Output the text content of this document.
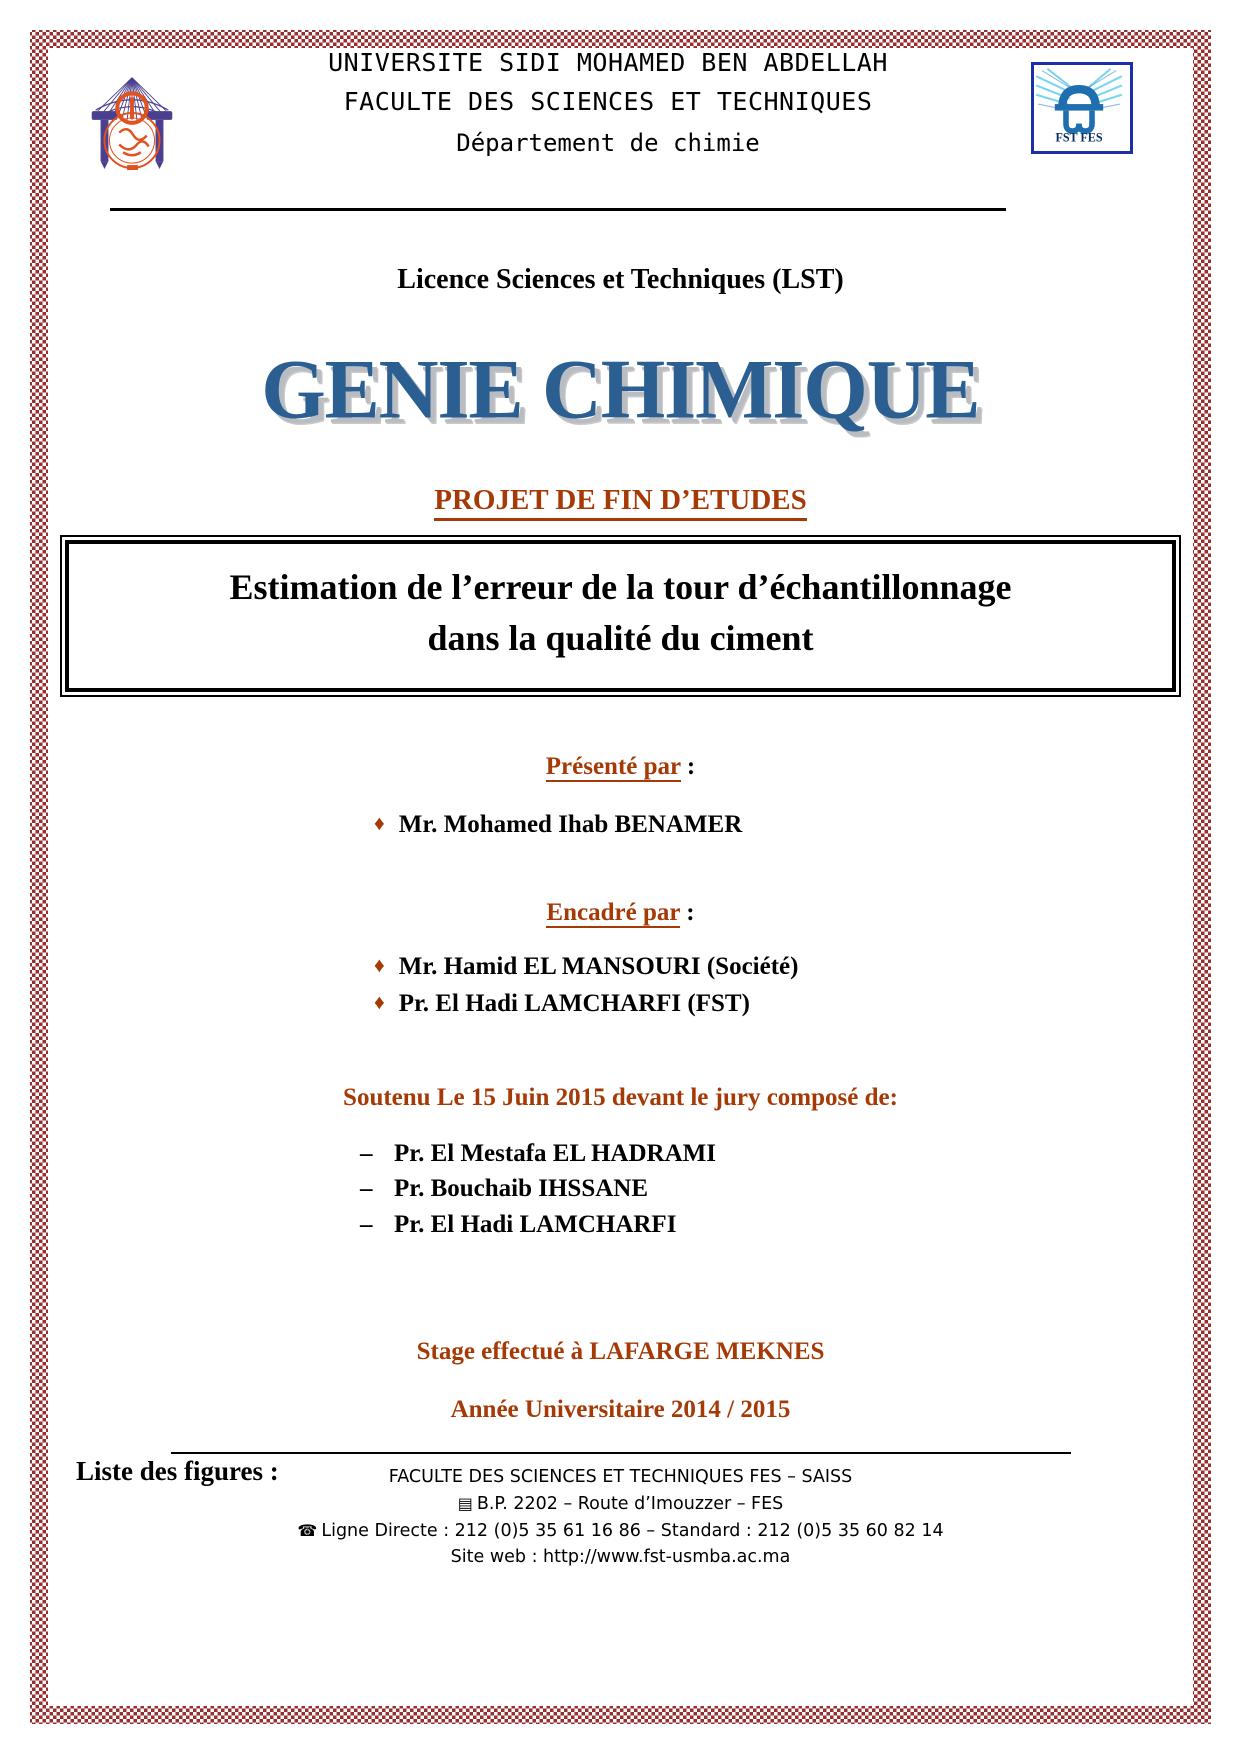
UNIVERSITE SIDI MOHAMED BEN ABDELLAH
FACULTE DES SCIENCES ET TECHNIQUES
Département de chimie	FST FES
Licence Sciences et Techniques (LST)
GENIE CHIMIQUE
PROJET DE FIN D’ETUDES
Estimation de l’erreur de la tour d’échantillonnage
dans la qualité du ciment
Présenté par :
♦ Mr. Mohamed Ihab BENAMER
Encadré par :
♦ Mr. Hamid EL MANSOURI (Société)
♦ Pr. El Hadi LAMCHARFI (FST)
Soutenu Le 15 Juin 2015 devant le jury composé de:
– Pr. El Mestafa EL HADRAMI
– Pr. Bouchaib IHSSANE
– Pr. El Hadi LAMCHARFI
Stage effectué à LAFARGE MEKNES
Année Universitaire 2014 / 2015
FACULTE DES SCIENCES ET TECHNIQUES FES – SAISS
▤ B.P. 2202 – Route d’Imouzzer – FES
☎ Ligne Directe : 212 (0)5 35 61 16 86 – Standard : 212 (0)5 35 60 82 14
Site web : http://www.fst-usmba.ac.ma
Liste des figures :
